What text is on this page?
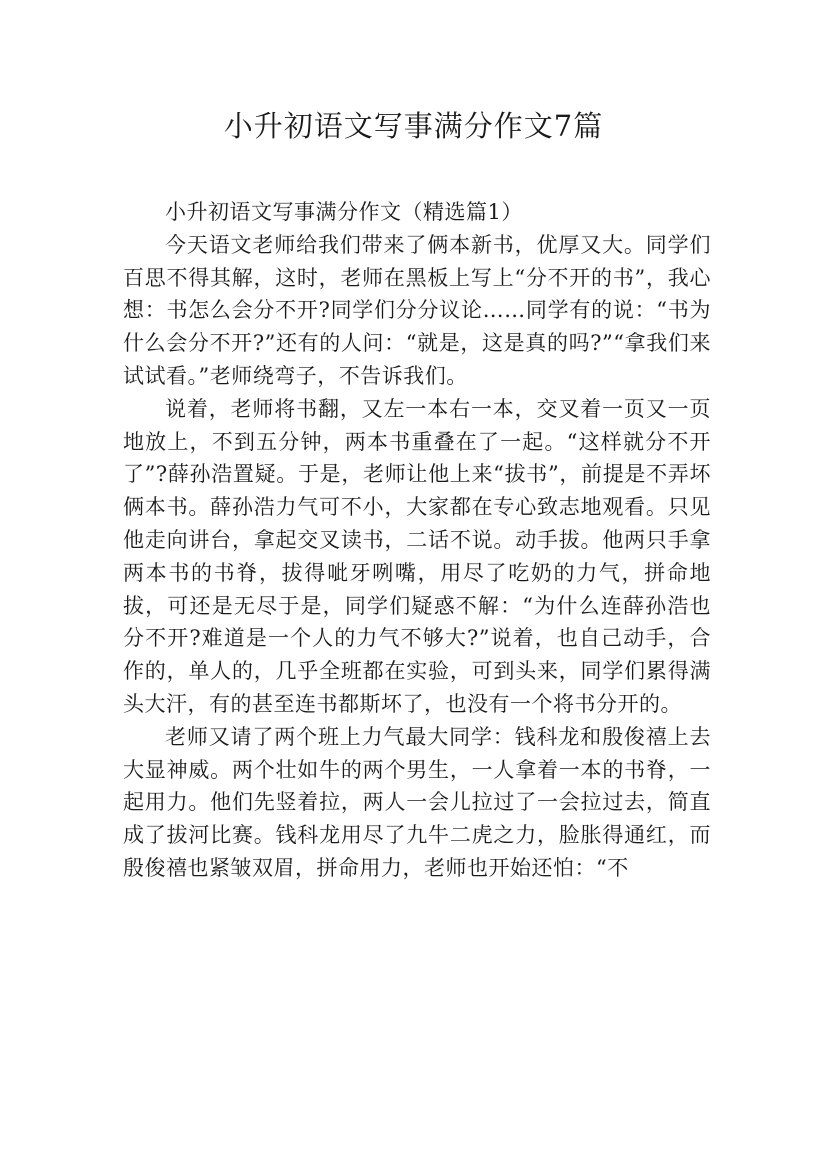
小升初语文写事满分作文7篇

小升初语文写事满分作文（精选篇1）

今天语文老师给我们带来了俩本新书，优厚又大。同学们百思不得其解，这时，老师在黑板上写上“分不开的书”，我心想：书怎么会分不开?同学们分分议论……同学有的说：“书为什么会分不开?”还有的人问：“就是，这是真的吗?”“拿我们来试试看。”老师绕弯子，不告诉我们。

说着，老师将书翻，又左一本右一本，交叉着一页又一页地放上，不到五分钟，两本书重叠在了一起。“这样就分不开了”?薛孙浩置疑。于是，老师让他上来“拔书”，前提是不弄坏俩本书。薛孙浩力气可不小，大家都在专心致志地观看。只见他走向讲台，拿起交叉读书，二话不说。动手拔。他两只手拿两本书的书脊，拔得呲牙咧嘴，用尽了吃奶的力气，拼命地拔，可还是无尽于是，同学们疑惑不解：“为什么连薛孙浩也分不开?难道是一个人的力气不够大?”说着，也自己动手，合作的，单人的，几乎全班都在实验，可到头来，同学们累得满头大汗，有的甚至连书都斯坏了，也没有一个将书分开的。

老师又请了两个班上力气最大同学：钱科龙和殷俊禧上去大显神威。两个壮如牛的两个男生，一人拿着一本的书脊，一起用力。他们先竖着拉，两人一会儿拉过了一会拉过去，简直成了拔河比赛。钱科龙用尽了九牛二虎之力，脸胀得通红，而殷俊禧也紧皱双眉，拼命用力，老师也开始还怕：“不
